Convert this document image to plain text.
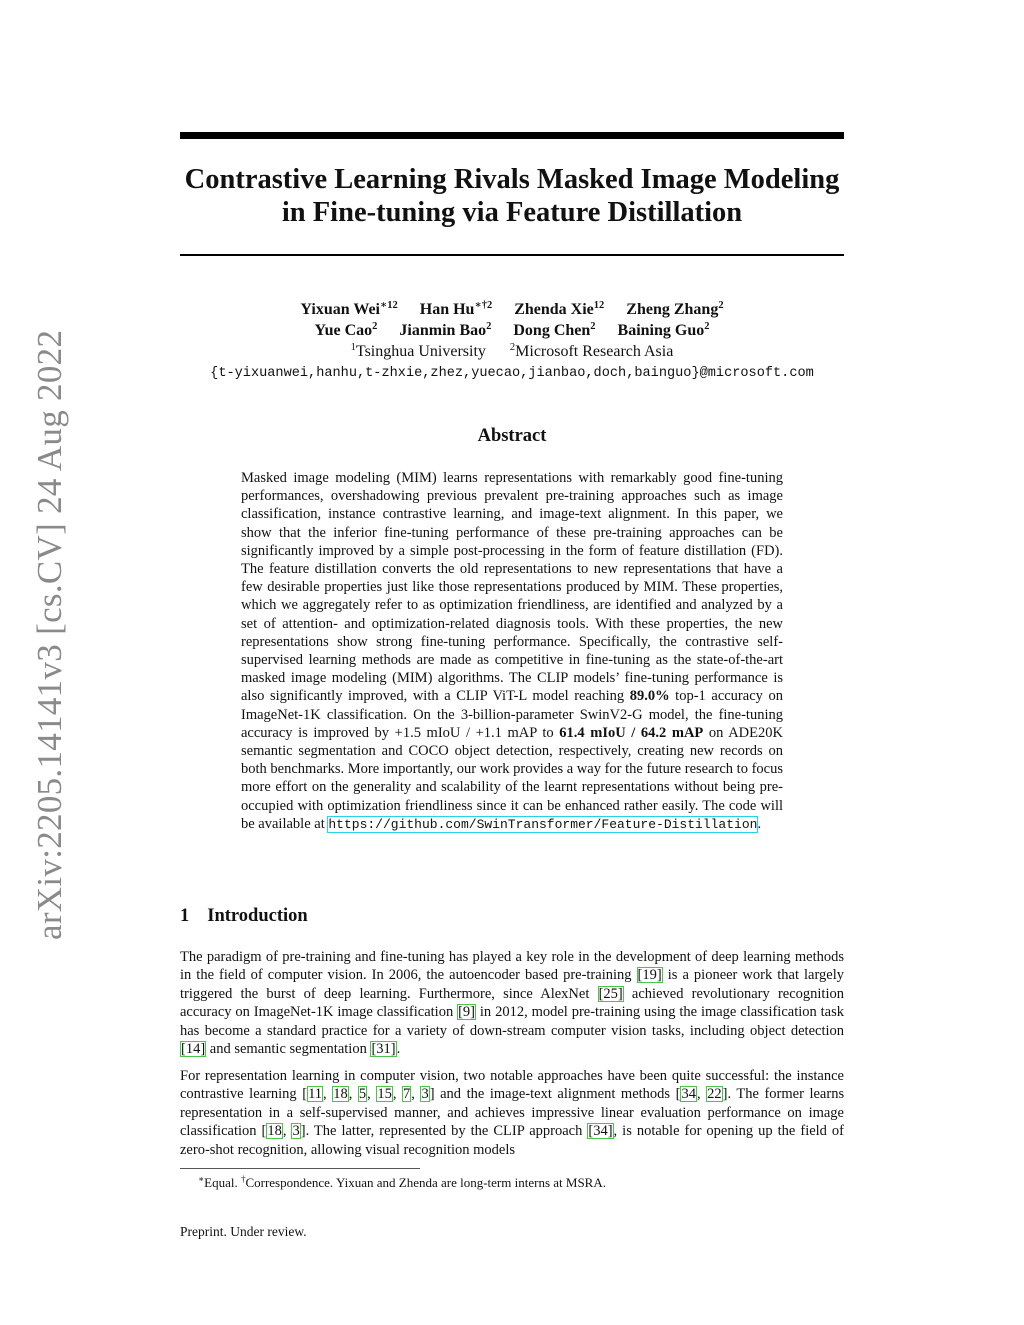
arXiv:2205.14141v3 [cs.CV] 24 Aug 2022
Contrastive Learning Rivals Masked Image Modeling
in Fine-tuning via Feature Distillation
Yixuan Wei$^{∗12}$ Han $Hu^{∗\dagger 2}$ Zhenda Xie$^{12}$ Zheng Zhang$^2$
Yue Cao$^2$ Jianmin Bao$^2$ Dong Chen$^2$ Baining Guo$^2$
$^1$Tsinghua University $^2$Microsoft Research Asia
{t-yixuanwei,hanhu,t-zhxie,zhez,yuecao,jianbao,doch,bainguo}@microsoft.com
Abstract

Masked image modeling (MIM) learns representations with remarkably good fine-tuning performances, overshadowing previous prevalent pre-training approaches such as image classification, instance contrastive learning, and image-text alignment. In this paper, we show that the inferior fine-tuning performance of these pre-training approaches can be significantly improved by a simple post-processing in the form of feature distillation (FD). The feature distillation converts the old representations to new representations that have a few desirable properties just like those representations produced by MIM. These properties, which we aggregately refer to as optimization friendliness, are identified and analyzed by a set of attention- and optimization-related diagnosis tools. With these properties, the new representations show strong fine-tuning performance. Specifically, the contrastive self-supervised learning methods are made as competitive in fine-tuning as the state-of-the-art masked image modeling (MIM) algorithms. The CLIP models’ fine-tuning performance is also significantly improved, with a CLIP ViT-L model reaching 89.0% top-1 accuracy on ImageNet-1K classification. On the 3-billion-parameter SwinV2-G model, the fine-tuning accuracy is improved by +1.5 mIoU / +1.1 mAP to 61.4 mIoU / 64.2 mAP on ADE20K semantic segmentation and COCO object detection, respectively, creating new records on both benchmarks. More importantly, our work provides a way for the future research to focus more effort on the generality and scalability of the learnt representations without being pre-occupied with optimization friendliness since it can be enhanced rather easily. The code will be available at https://github.com/SwinTransformer/Feature-Distillation.

1 Introduction

The paradigm of pre-training and fine-tuning has played a key role in the development of deep learning methods in the field of computer vision. In 2006, the autoencoder based pre-training [19] is a pioneer work that largely triggered the burst of deep learning. Furthermore, since AlexNet [25] achieved revolutionary recognition accuracy on ImageNet-1K image classification [9] in 2012, model pre-training using the image classification task has become a standard practice for a variety of down-stream computer vision tasks, including object detection [14] and semantic segmentation [31].

For representation learning in computer vision, two notable approaches have been quite successful: the instance contrastive learning [11, 18, 5, 15, 7, 3] and the image-text alignment methods [34, 22]. The former learns representation in a self-supervised manner, and achieves impressive linear evaluation performance on image classification [18, 3]. The latter, represented by the CLIP approach [34], is notable for opening up the field of zero-shot recognition, allowing visual recognition models

∗Equal. †Correspondence. Yixuan and Zhenda are long-term interns at MSRA.

Preprint. Under review.
